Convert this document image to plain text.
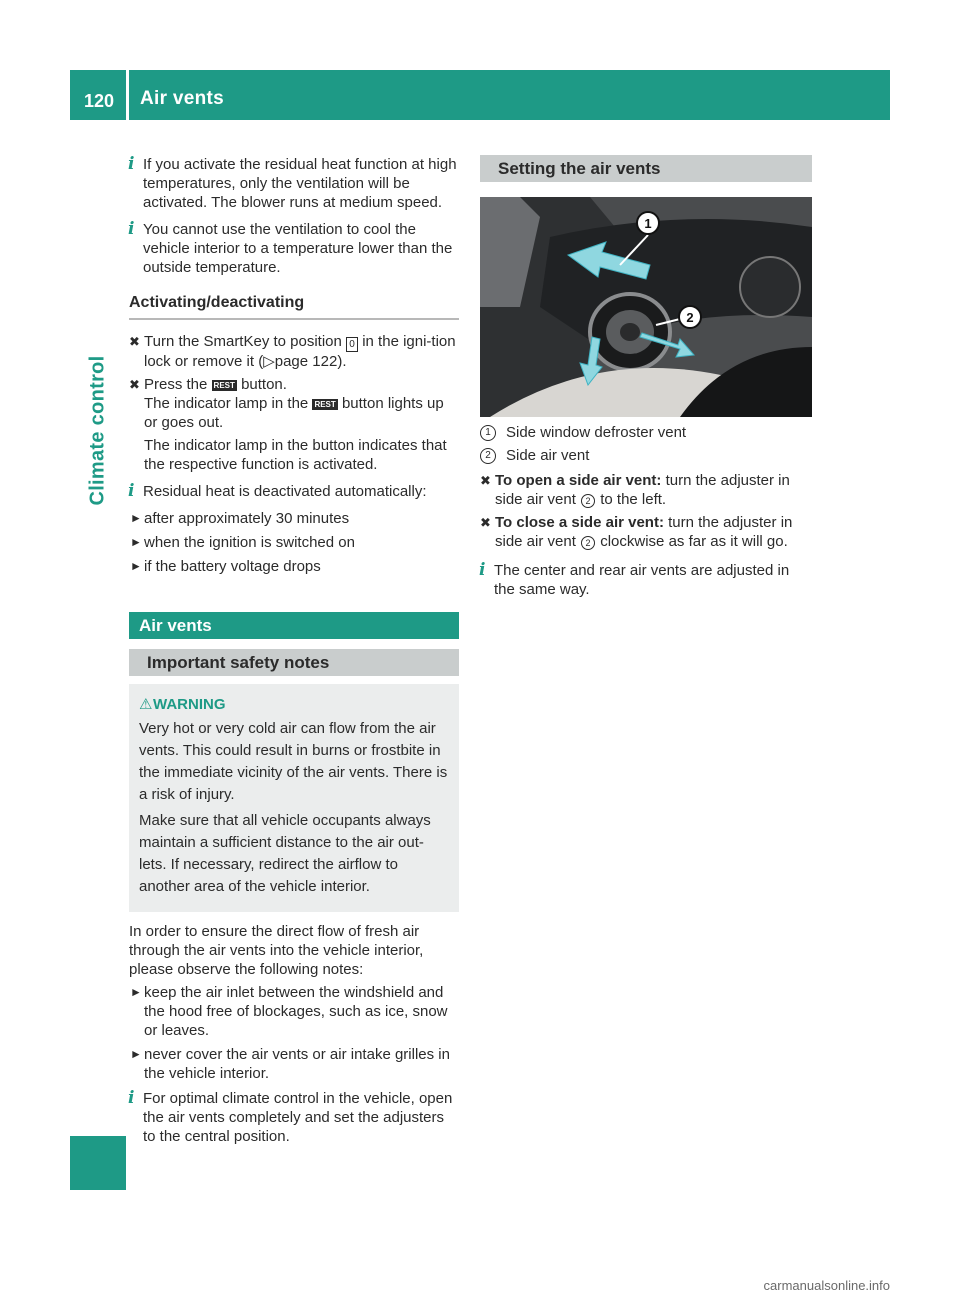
120 Air vents
Climate control
i If you activate the residual heat function at high temperatures, only the ventilation will be activated. The blower runs at medium speed.

i You cannot use the ventilation to cool the vehicle interior to a temperature lower than the outside temperature.

Activating/deactivating
✖ Turn the SmartKey to position 0 in the igni-tion lock or remove it (▷page 122).

✖ Press the REST button.
The indicator lamp in the REST button lights up or goes out.

The indicator lamp in the button indicates that the respective function is activated.

i Residual heat is deactivated automatically:

► after approximately 30 minutes

► when the ignition is switched on

► if the battery voltage drops

Air vents
Important safety notes
⚠ WARNING

Very hot or very cold air can flow from the air vents. This could result in burns or frostbite in the immediate vicinity of the air vents. There is a risk of injury.

Make sure that all vehicle occupants always maintain a sufficient distance to the air out-lets. If necessary, redirect the airflow to another area of the vehicle interior.

In order to ensure the direct flow of fresh air through the air vents into the vehicle interior, please observe the following notes:

► keep the air inlet between the windshield and the hood free of blockages, such as ice, snow or leaves.

► never cover the air vents or air intake grilles in the vehicle interior.

i For optimal climate control in the vehicle, open the air vents completely and set the adjusters to the central position.

Setting the air vents
1
2
1	Side window defroster vent

2	Side air vent

✖ To open a side air vent: turn the adjuster in side air vent 2 to the left.

✖ To close a side air vent: turn the adjuster in side air vent 2 clockwise as far as it will go.

i The center and rear air vents are adjusted in the same way.

carmanualsonline.info
